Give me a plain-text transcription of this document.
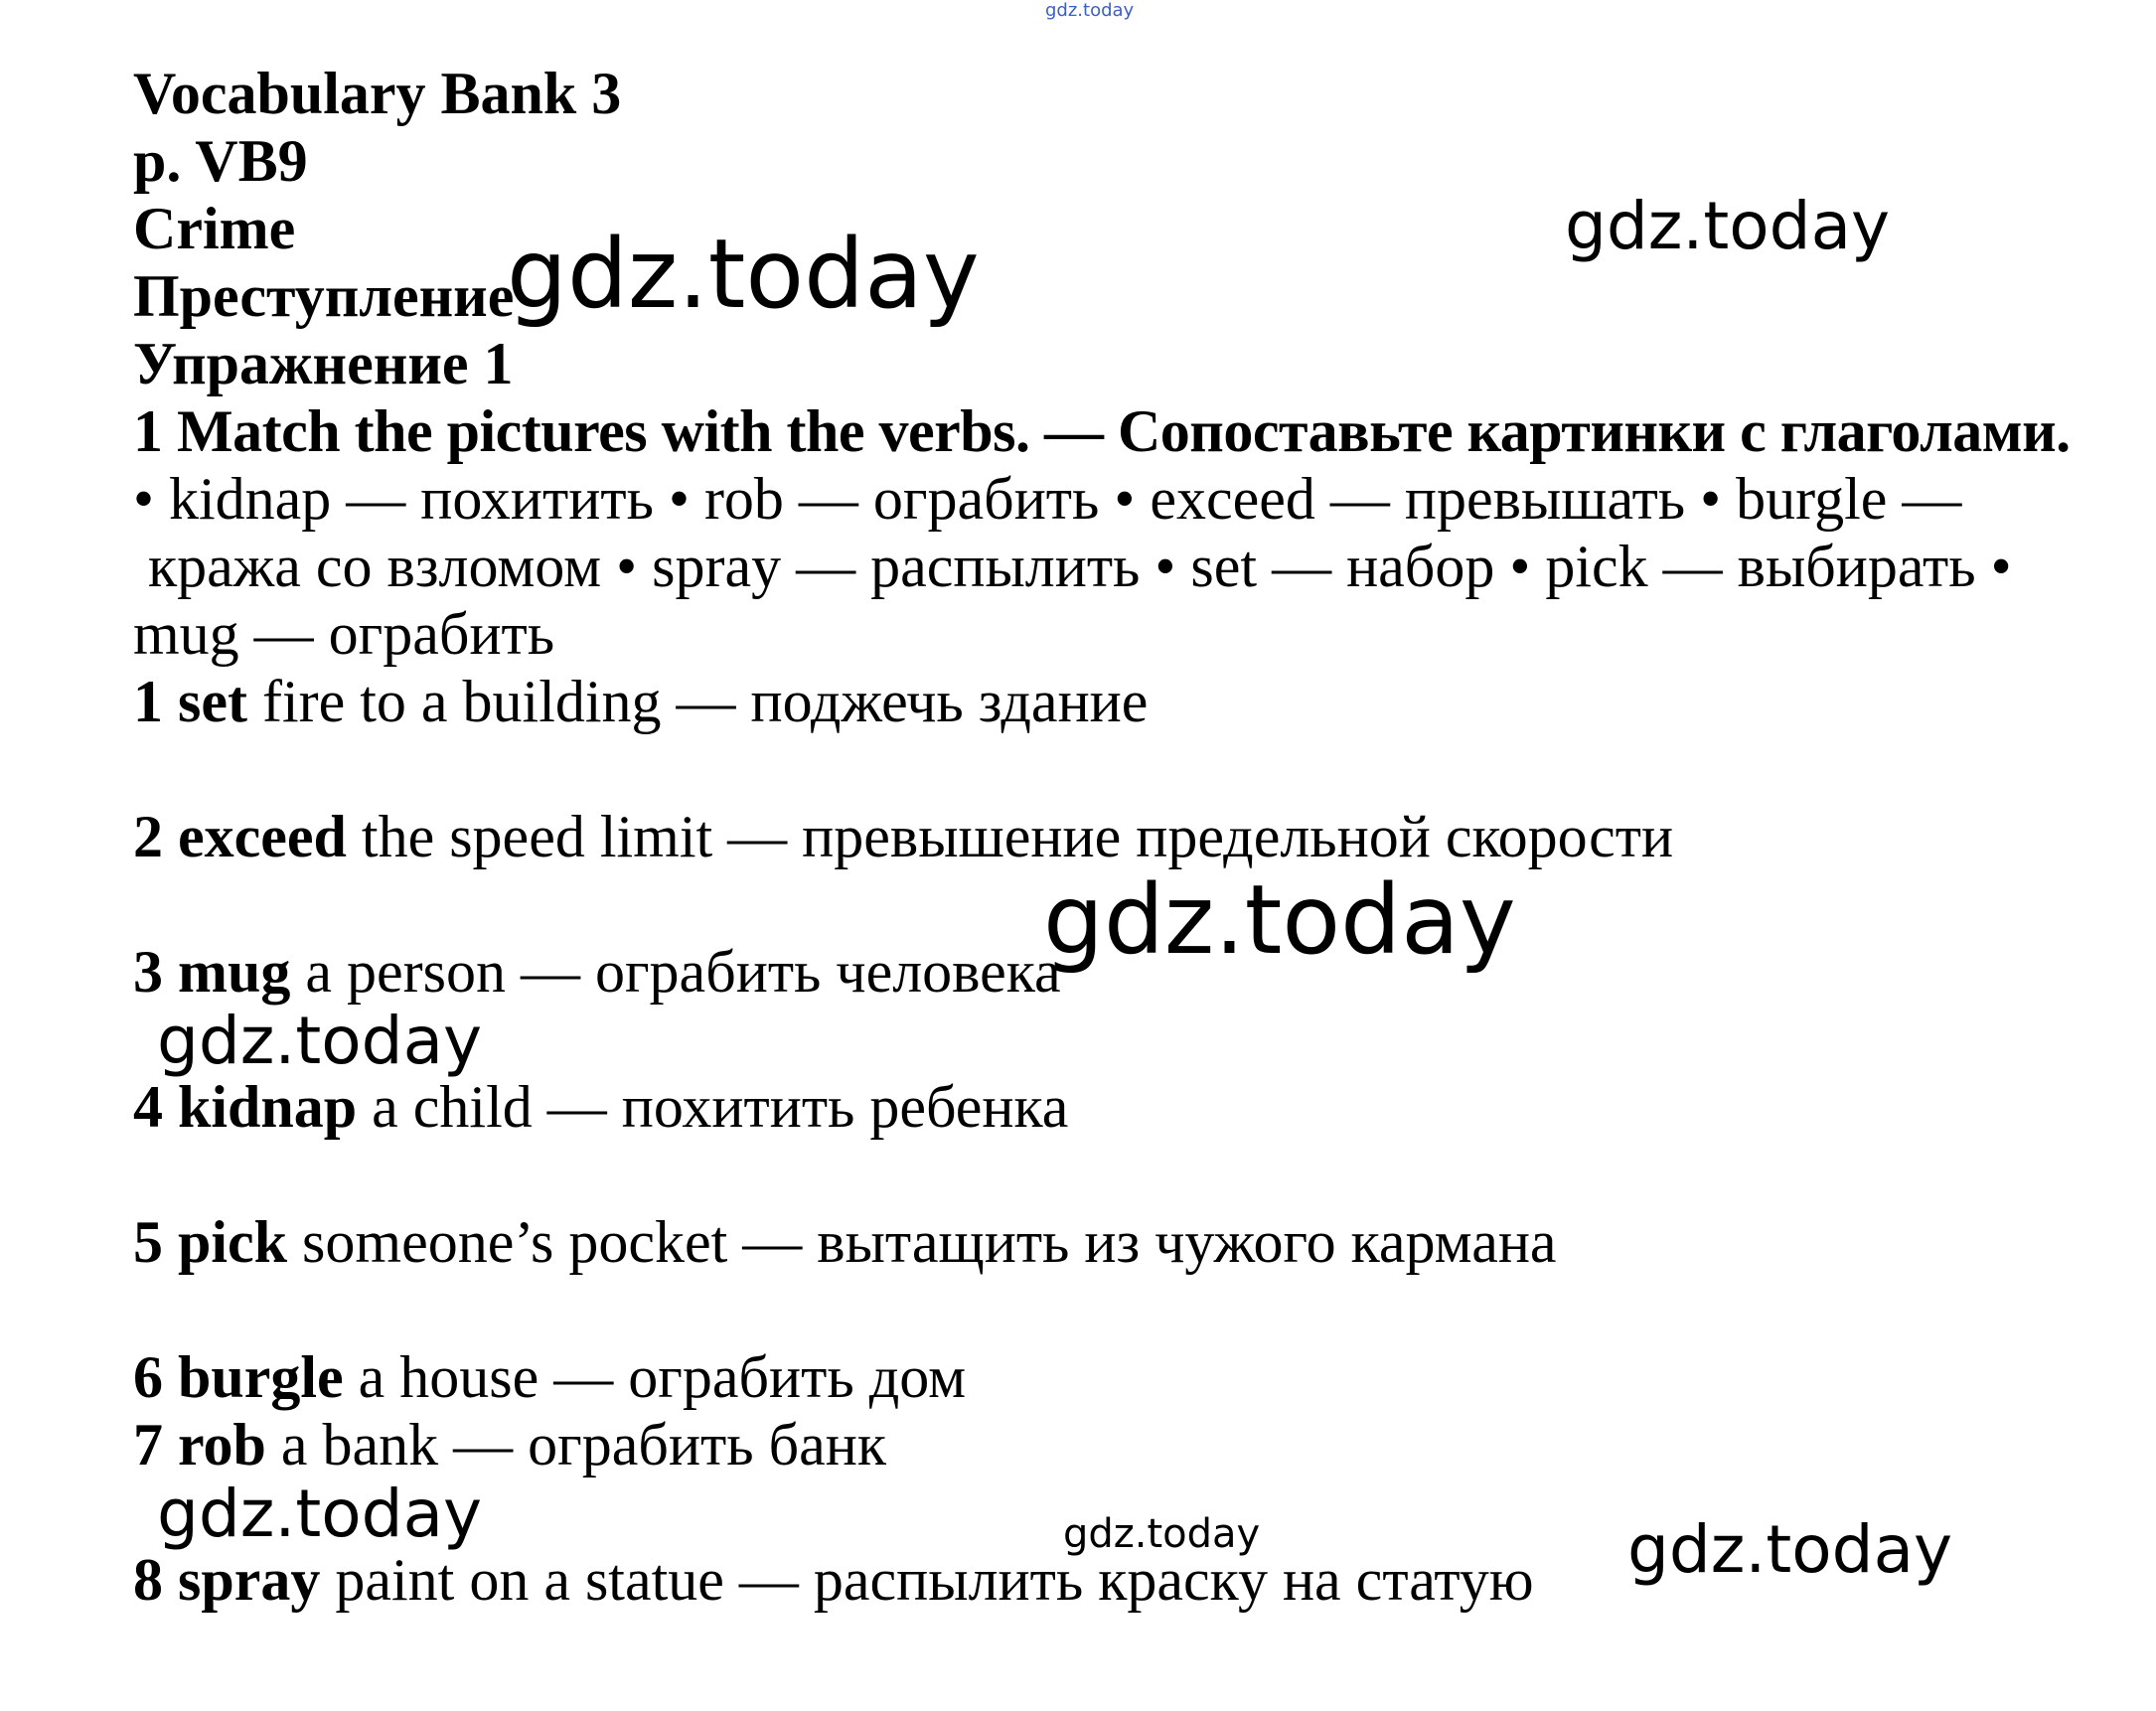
gdz.today
Vocabulary Bank 3
p. VB9
Crime
Преступление
Упражнение 1
1 Match the pictures with the verbs. — Сопоставьте картинки с глаголами.
• kidnap — похитить • rob — ограбить • exceed — превышать • burgle —
кража со взломом • spray — распылить • set — набор • pick — выбирать •
mug — ограбить
1 set fire to a building — поджечь здание
2 exceed the speed limit — превышение предельной скорости
3 mug a person — ограбить человека
4 kidnap a child — похитить ребенка
5 pick someone’s pocket — вытащить из чужого кармана
6 burgle a house — ограбить дом
7 rob a bank — ограбить банк
8 spray paint on a statue — распылить краску на статую
gdz.today
gdz.today
gdz.today
gdz.today
gdz.today	gdz.today	gdz.today
